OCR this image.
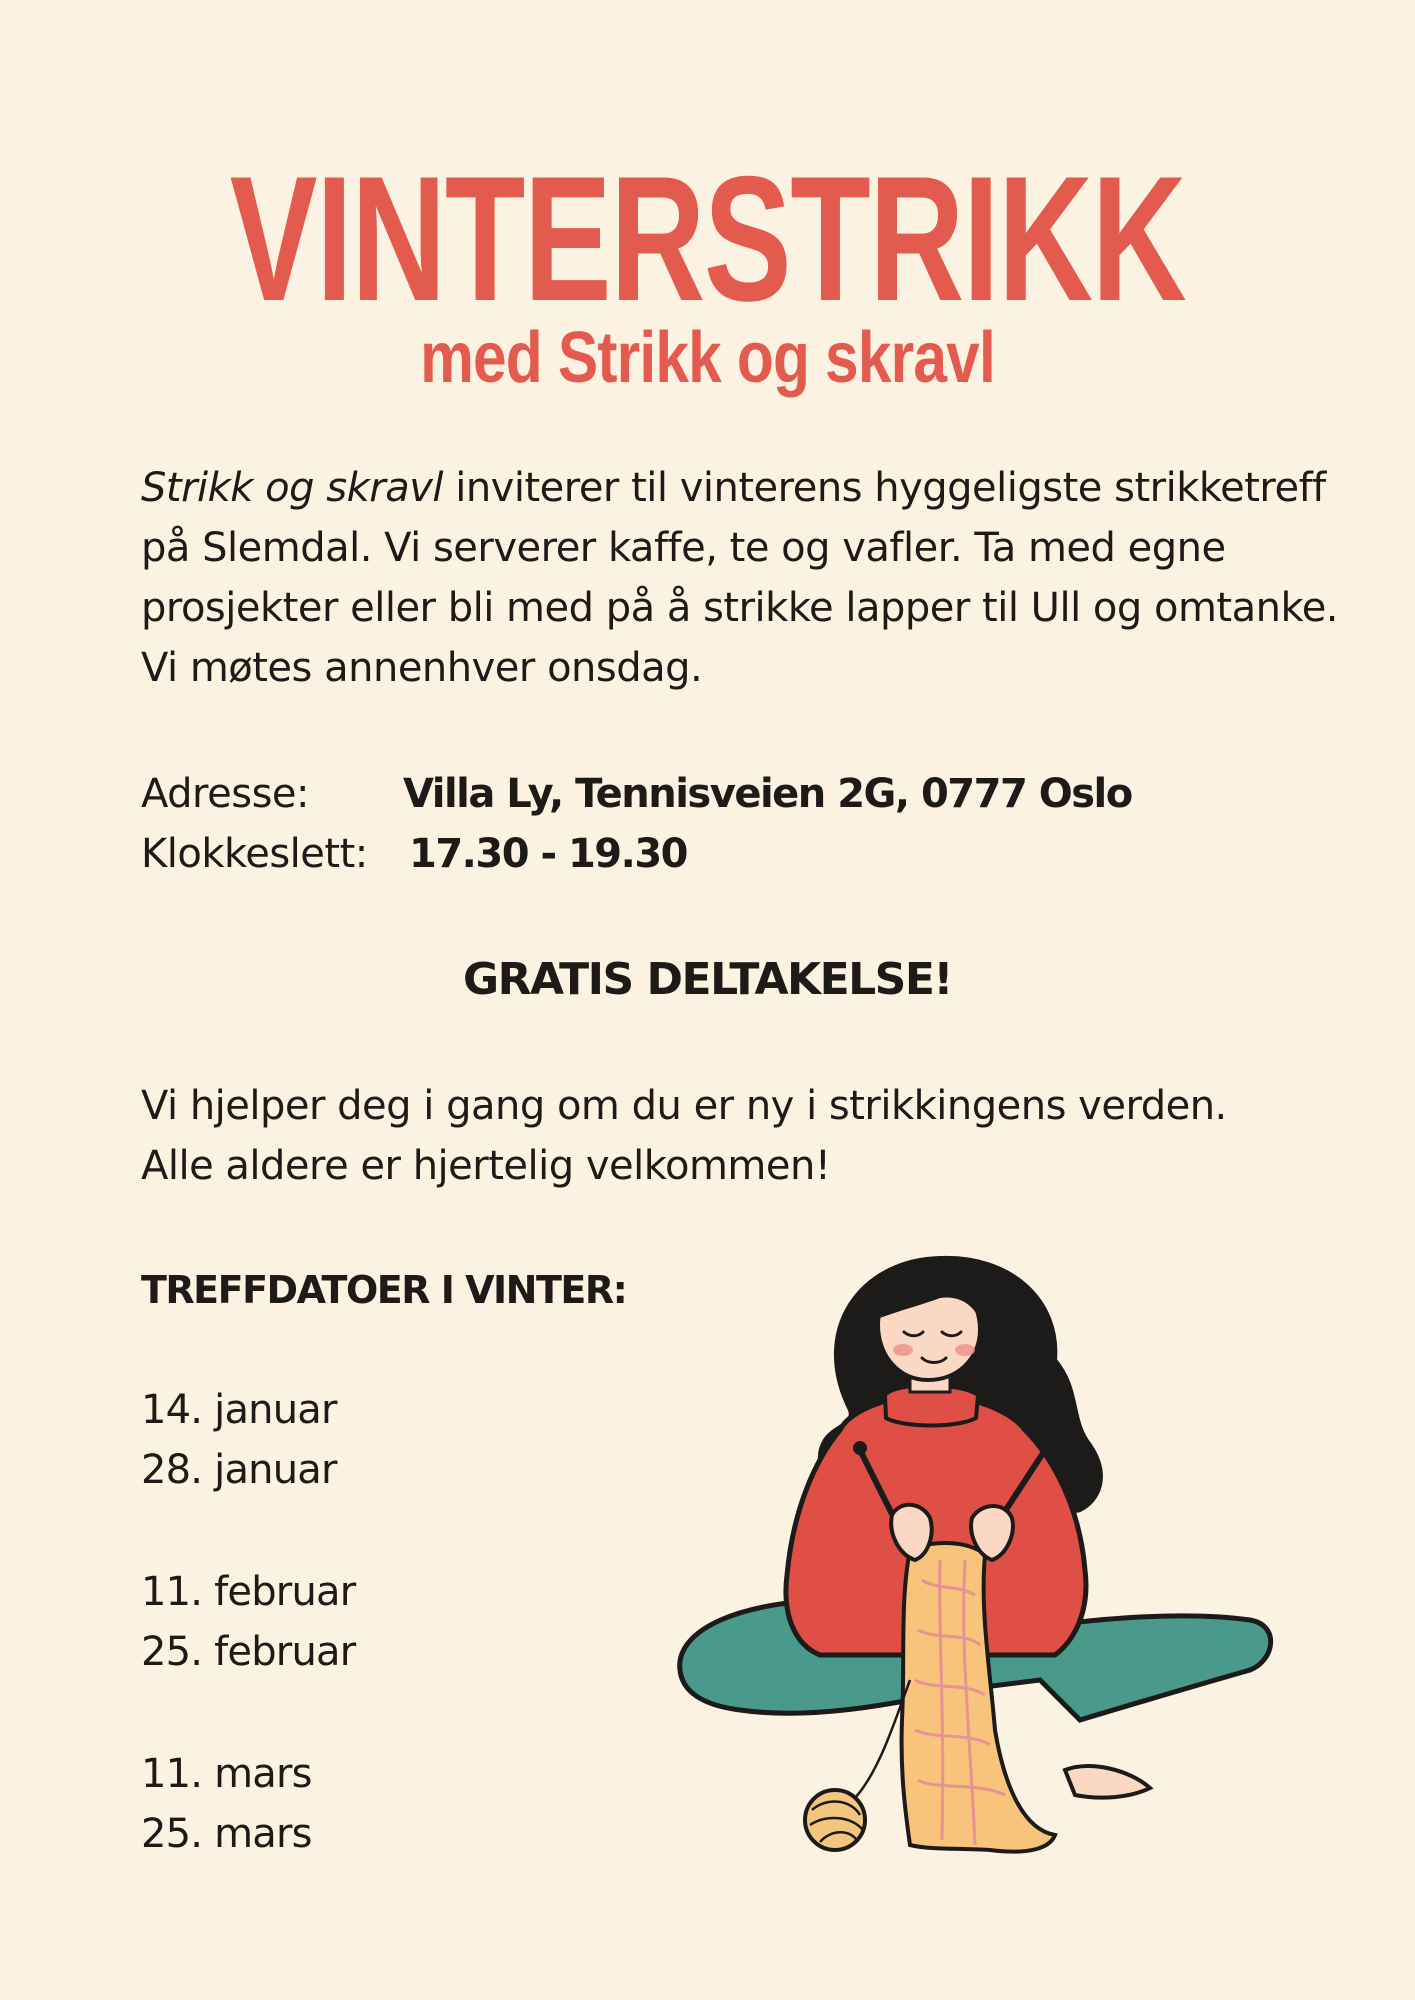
VINTERSTRIKK
med Strikk og skravl

Strikk og skravl inviterer til vinterens hyggeligste strikketreff på Slemdal. Vi serverer kaffe, te og vafler. Ta med egne prosjekter eller bli med på å strikke lapper til Ull og omtanke. Vi møtes annenhver onsdag.

Adresse: Villa Ly, Tennisveien 2G, 0777 Oslo
Klokkeslett: 17.30 - 19.30
GRATIS DELTAKELSE!

Vi hjelper deg i gang om du er ny i strikkingens verden. Alle aldere er hjertelig velkommen!

TREFFDATOER I VINTER:
14. januar
28. januar
11. februar
25. februar
11. mars
25. mars
